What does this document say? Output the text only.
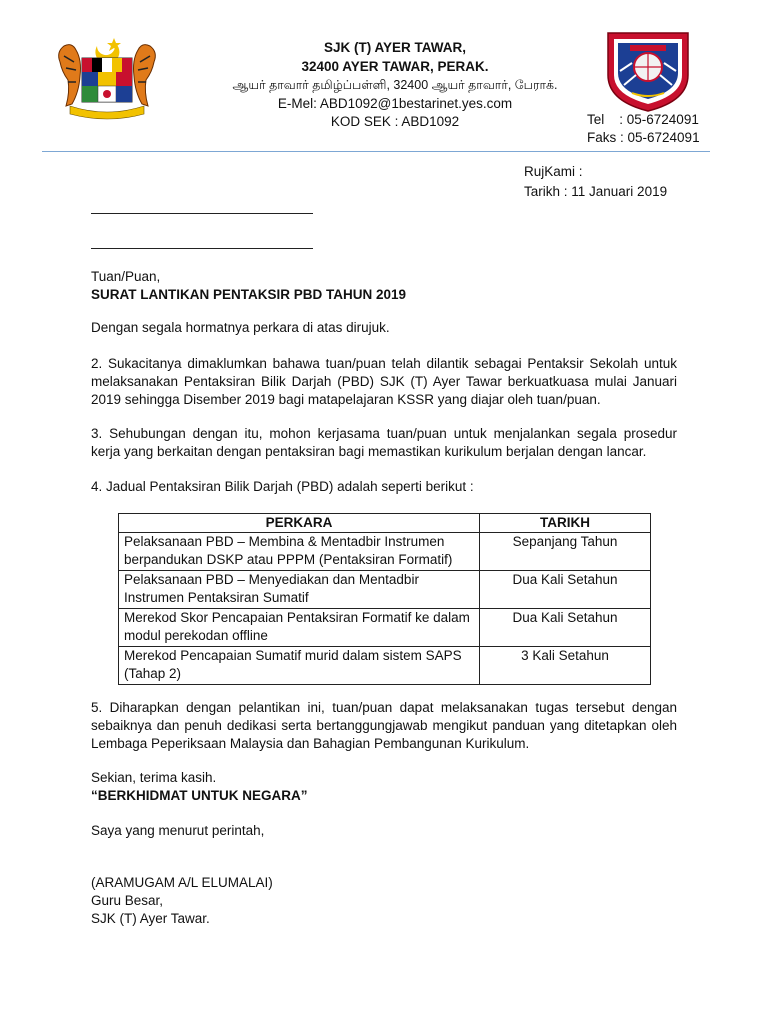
SJK (T) AYER TAWAR,
32400 AYER TAWAR, PERAK.
ஆயர் தாவார் தமிழ்ப்பள்ளி, 32400 ஆயர் தாவார், பேராக்.
E-Mel: ABD1092@1bestarinet.yes.com
KOD SEK : ABD1092	Tel    : 05-6724091
Faks : 05-6724091
RujKami :
Tarikh : 11 Januari 2019
Tuan/Puan,
SURAT LANTIKAN PENTAKSIR PBD TAHUN 2019

Dengan segala hormatnya perkara di atas dirujuk.

2. Sukacitanya dimaklumkan bahawa tuan/puan telah dilantik sebagai Pentaksir Sekolah untuk melaksanakan Pentaksiran Bilik Darjah (PBD) SJK (T) Ayer Tawar berkuatkuasa mulai Januari 2019 sehingga Disember 2019 bagi matapelajaran KSSR yang diajar oleh tuan/puan.

3. Sehubungan dengan itu, mohon kerjasama tuan/puan untuk menjalankan segala prosedur kerja yang berkaitan dengan pentaksiran bagi memastikan kurikulum berjalan dengan lancar.

4. Jadual Pentaksiran Bilik Darjah (PBD) adalah seperti berikut :

PERKARA	TARIKH
Pelaksanaan PBD – Membina & Mentadbir Instrumen berpandukan DSKP atau PPPM (Pentaksiran Formatif)	Sepanjang Tahun
Pelaksanaan PBD – Menyediakan dan Mentadbir Instrumen Pentaksiran Sumatif	Dua Kali Setahun
Merekod Skor Pencapaian Pentaksiran Formatif ke dalam modul perekodan offline	Dua Kali Setahun
Merekod Pencapaian Sumatif murid dalam sistem SAPS (Tahap 2)	3 Kali Setahun

5. Diharapkan dengan pelantikan ini, tuan/puan dapat melaksanakan tugas tersebut dengan sebaiknya dan penuh dedikasi serta bertanggungjawab mengikut panduan yang ditetapkan oleh Lembaga Peperiksaan Malaysia dan Bahagian Pembangunan Kurikulum.

Sekian, terima kasih.
“BERKHIDMAT UNTUK NEGARA”
Saya yang menurut perintah,
(ARAMUGAM A/L ELUMALAI)
Guru Besar,
SJK (T) Ayer Tawar.
